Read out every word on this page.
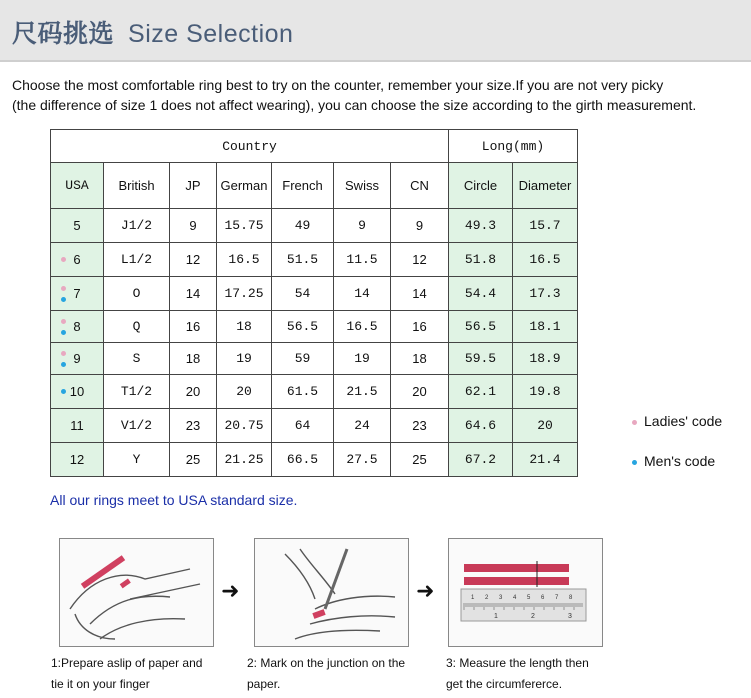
尺码挑选 Size Selection
Choose the most comfortable ring best to try on the counter, remember your size.If you are not very picky
(the difference of size 1 does not affect wearing), you can choose the size according to the girth measurement.
Country							Long(mm)	
USA	British	JP	German	French	Swiss	CN	Circle	Diameter

5	J1/2	9	15.75	49	9	9	49.3	15.7

6	L1/2	12	16.5	51.5	11.5	12	51.8	16.5

7	O	14	17.25	54	14	14	54.4	17.3

8	Q	16	18	56.5	16.5	16	56.5	18.1

9	S	18	19	59	19	18	59.5	18.9

10	T1/2	20	20	61.5	21.5	20	62.1	19.8

11	V1/2	23	20.75	64	24	23	64.6	20

12	Y	25	21.25	66.5	27.5	25	67.2	21.4
Ladies' code
Men's code
All our rings meet to USA standard size.
➜	➜	1 2 3 4 5 6 7 8
1	2	3
1:Prepare aslip of paper and
tie it on your finger
2: Mark on the junction on the
paper.
3: Measure the length then
get the circumfererce.
